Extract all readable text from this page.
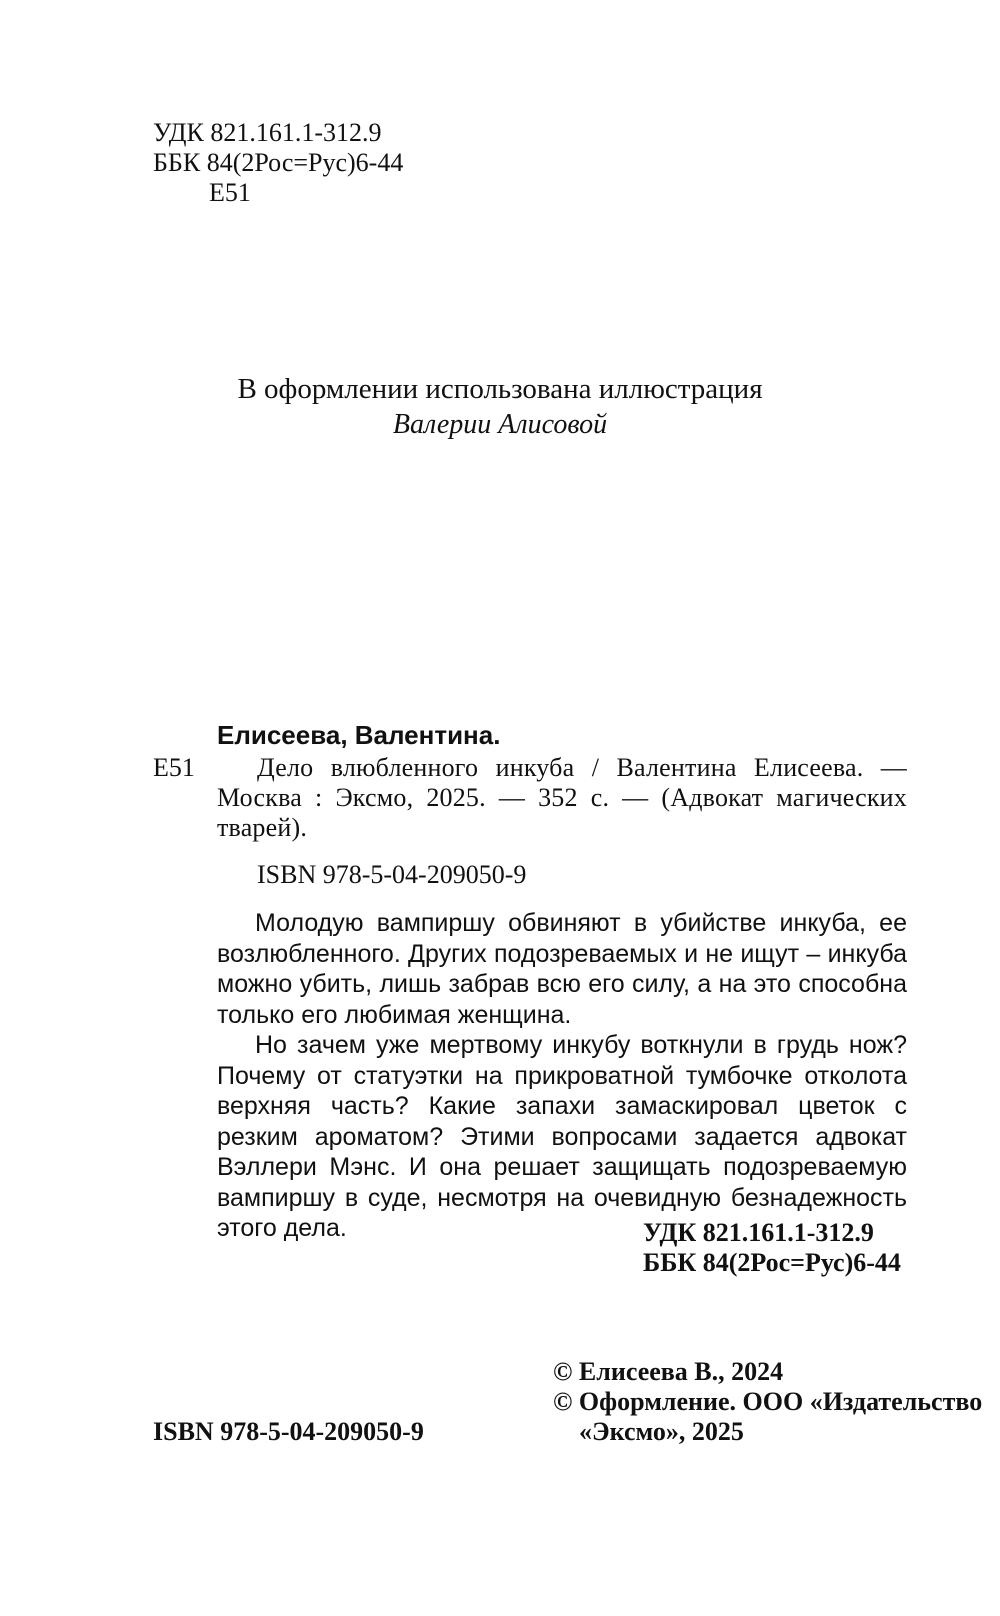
УДК 821.161.1-312.9
ББК 84(2Рос=Рус)6-44
Е51
В оформлении использована иллюстрация
Валерии Алисовой
Елисеева, Валентина.
Е51	Дело влюбленного инкуба / Валентина Елисеева. — Москва : Эксмо, 2025. — 352 с. — (Адвокат магических тварей).
ISBN 978-5-04-209050-9
Молодую вампиршу обвиняют в убийстве инкуба, ее возлюбленного. Других подозреваемых и не ищут – инкуба можно убить, лишь забрав всю его силу, а на это способна только его любимая женщина.
Но зачем уже мертвому инкубу воткнули в грудь нож? Почему от статуэтки на прикроватной тумбочке отколота верхняя часть? Какие запахи замаскировал цветок с резким ароматом? Этими вопросами задается адвокат Вэллери Мэнс. И она решает защищать подозреваемую вампиршу в суде, несмотря на очевидную безнадежность этого дела.	УДК 821.161.1-312.9
ББК 84(2Рос=Рус)6-44
© Елисеева В., 2024
© Оформление. ООО «Издательство
ISBN 978-5-04-209050-9	«Эксмо», 2025
